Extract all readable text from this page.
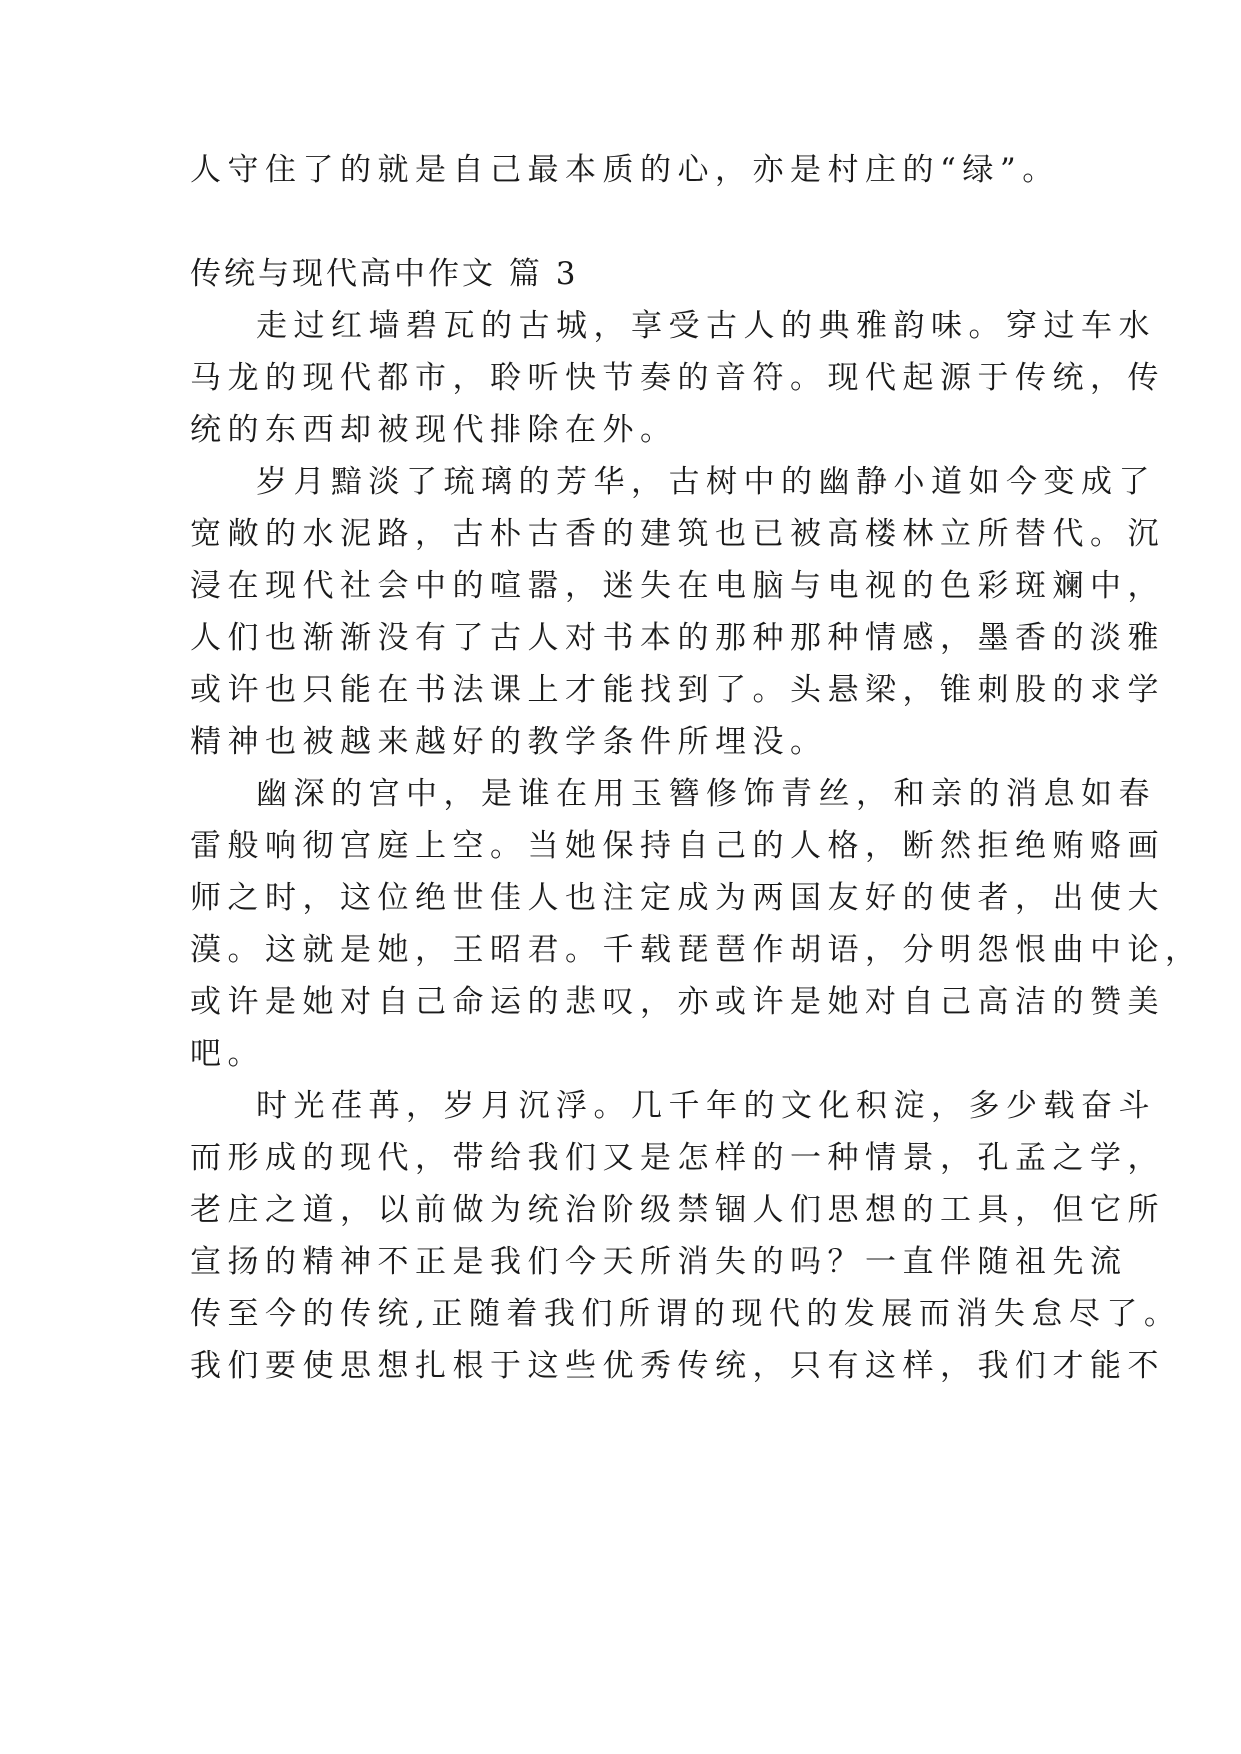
人守住了的就是自己最本质的心，亦是村庄的“绿”。
传统与现代高中作文 篇 3
走过红墙碧瓦的古城，享受古人的典雅韵味。穿过车水
马龙的现代都市，聆听快节奏的音符。现代起源于传统，传
统的东西却被现代排除在外。
岁月黯淡了琉璃的芳华，古树中的幽静小道如今变成了
宽敞的水泥路，古朴古香的建筑也已被高楼林立所替代。沉
浸在现代社会中的喧嚣，迷失在电脑与电视的色彩斑斓中，
人们也渐渐没有了古人对书本的那种那种情感，墨香的淡雅
或许也只能在书法课上才能找到了。头悬梁，锥刺股的求学
精神也被越来越好的教学条件所埋没。
幽深的宫中，是谁在用玉簪修饰青丝，和亲的消息如春
雷般响彻宫庭上空。当她保持自己的人格，断然拒绝贿赂画
师之时，这位绝世佳人也注定成为两国友好的使者，出使大
漠。这就是她，王昭君。千载琵琶作胡语，分明怨恨曲中论，
或许是她对自己命运的悲叹，亦或许是她对自己高洁的赞美
吧。
时光荏苒，岁月沉浮。几千年的文化积淀，多少载奋斗
而形成的现代，带给我们又是怎样的一种情景，孔孟之学，
老庄之道，以前做为统治阶级禁锢人们思想的工具，但它所
宣扬的精神不正是我们今天所消失的吗？一直伴随祖先流
传至今的传统,正随着我们所谓的现代的发展而消失怠尽了。
我们要使思想扎根于这些优秀传统，只有这样，我们才能不
